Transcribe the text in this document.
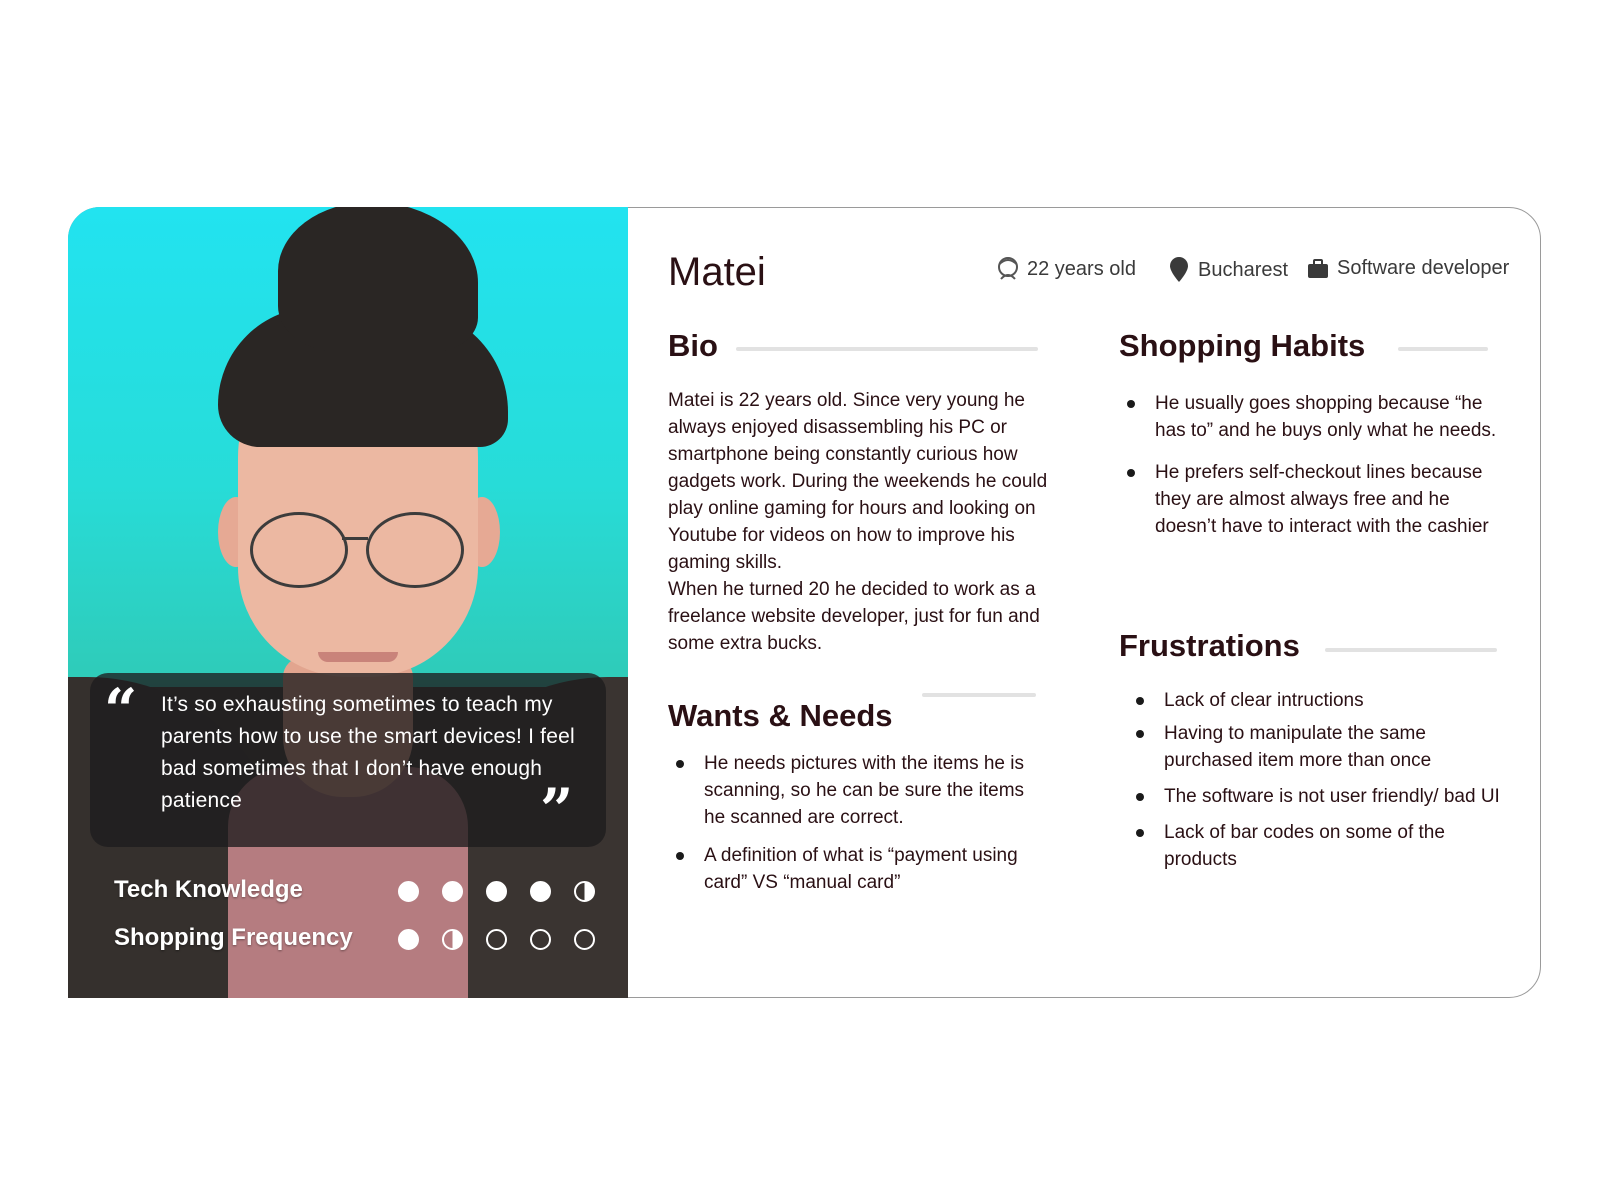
“ It’s so exhausting sometimes to teach my parents how to use the smart devices! I feel bad sometimes that I don’t have enough patience	”
Tech Knowledge
Shopping Frequency
Matei	22 years old	Bucharest Software developer
Bio
Matei is 22 years old. Since very young he always enjoyed disassembling his PC or smartphone being constantly curious how gadgets work. During the weekends he could play online gaming for hours and looking on Youtube for videos on how to improve his gaming skills.
When he turned 20 he decided to work as a freelance website developer, just for fun and some extra bucks.
Wants & Needs
He needs pictures with the items he is scanning, so he can be sure the items he scanned are correct.
A definition of what is “payment using card” VS “manual card”
Shopping Habits
He usually goes shopping because “he has to” and he buys only what he needs.
He prefers self-checkout lines because they are almost always free and he doesn’t have to interact with the cashier
Frustrations
Lack of clear intructions
Having to manipulate the same purchased item more than once
The software is not user friendly/ bad UI
Lack of bar codes on some of the products
